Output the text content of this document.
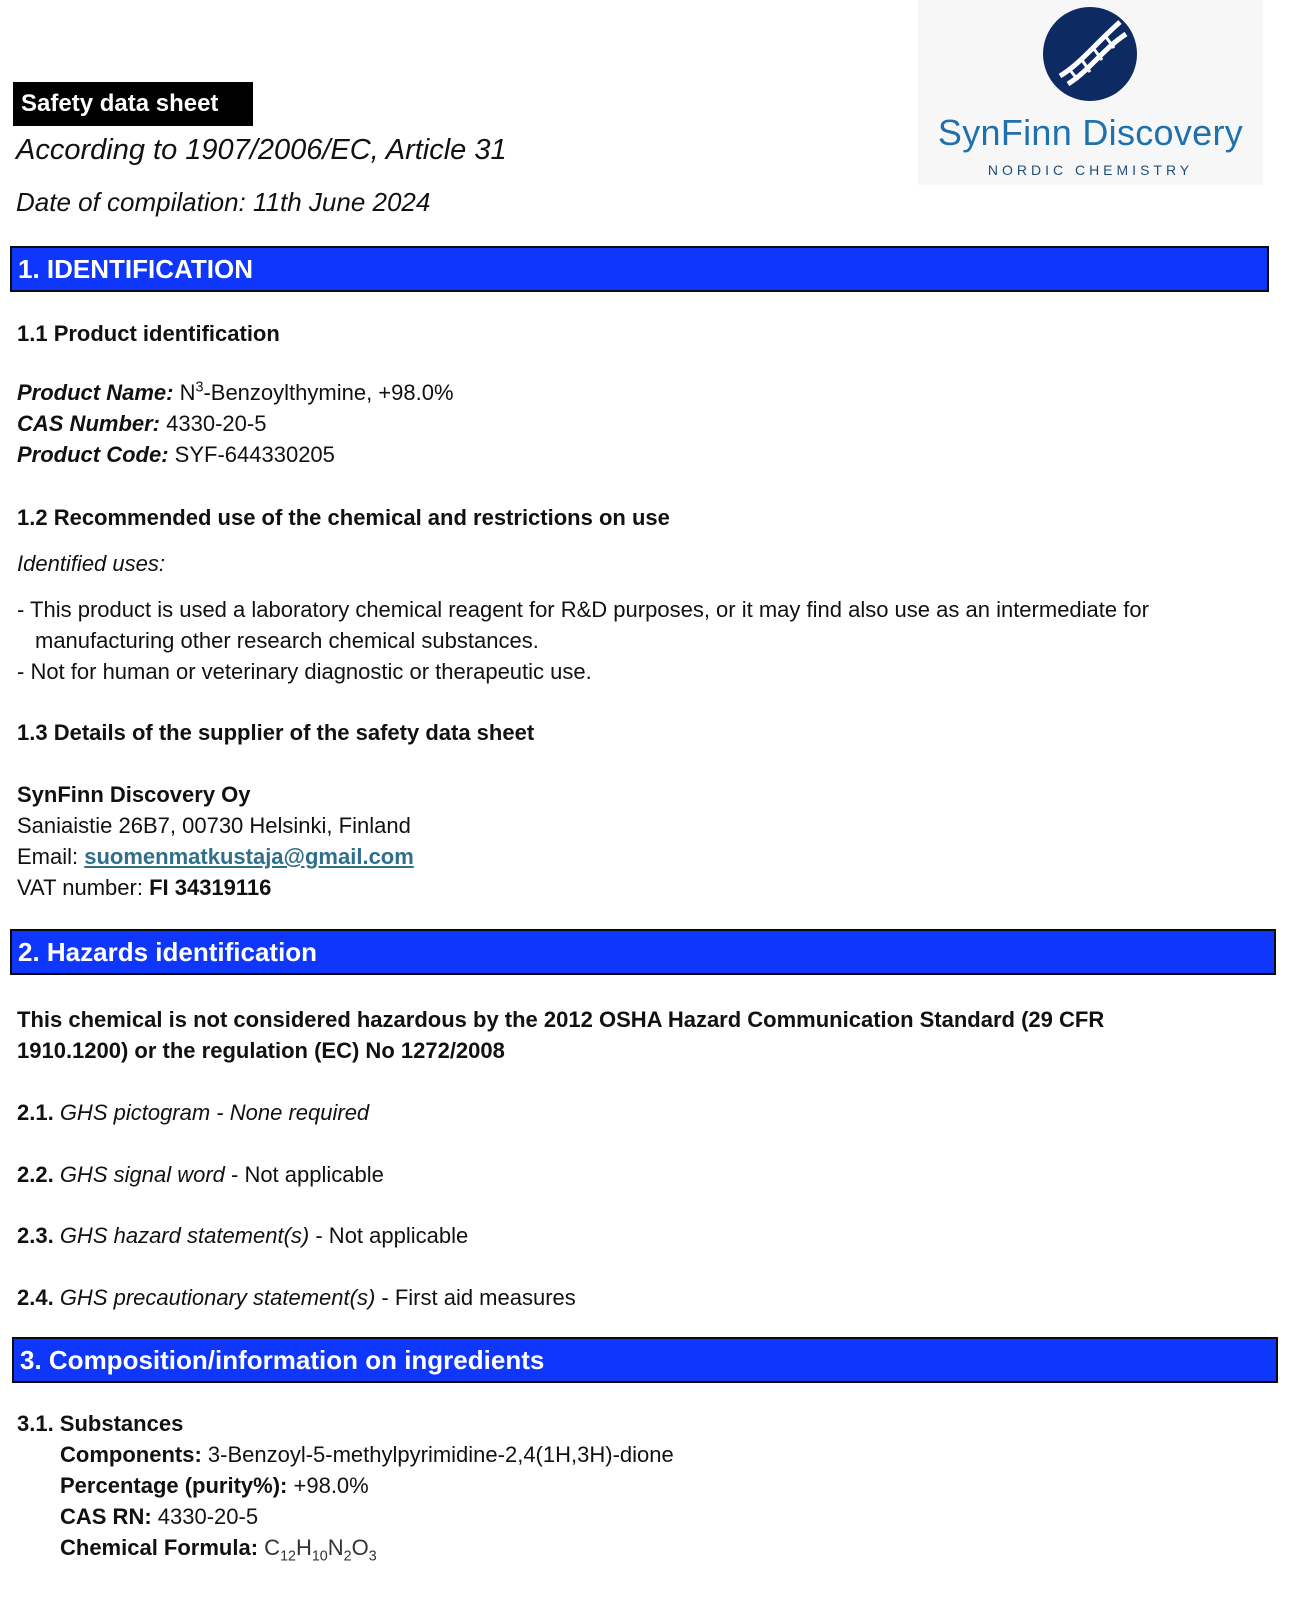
Safety data sheet
According to 1907/2006/EC, Article 31
Date of compilation: 11th June 2024
SynFinn Discovery
NORDIC CHEMISTRY
1. IDENTIFICATION
1.1 Product identification
Product Name: $N^3$-Benzoylthymine, +98.0%
CAS Number: 4330-20-5
Product Code: SYF-644330205
1.2 Recommended use of the chemical and restrictions on use
Identified uses:
- This product is used a laboratory chemical reagent for R&D purposes, or it may find also use as an intermediate for
manufacturing other research chemical substances.
- Not for human or veterinary diagnostic or therapeutic use.
1.3 Details of the supplier of the safety data sheet
SynFinn Discovery Oy
Saniaistie 26B7, 00730 Helsinki, Finland
Email: suomenmatkustaja@gmail.com
VAT number: FI 34319116
2. Hazards identification
This chemical is not considered hazardous by the 2012 OSHA Hazard Communication Standard (29 CFR
1910.1200) or the regulation (EC) No 1272/2008
2.1. GHS pictogram - None required
2.2. GHS signal word - Not applicable
2.3. GHS hazard statement(s) - Not applicable
2.4. GHS precautionary statement(s) - First aid measures
3. Composition/information on ingredients
3.1. Substances
Components: 3-Benzoyl-5-methylpyrimidine-2,4(1H,3H)-dione
Percentage (purity%): +98.0%
CAS RN: 4330-20-5
Chemical Formula: $C_{12}H_{10}N_2O_3$
